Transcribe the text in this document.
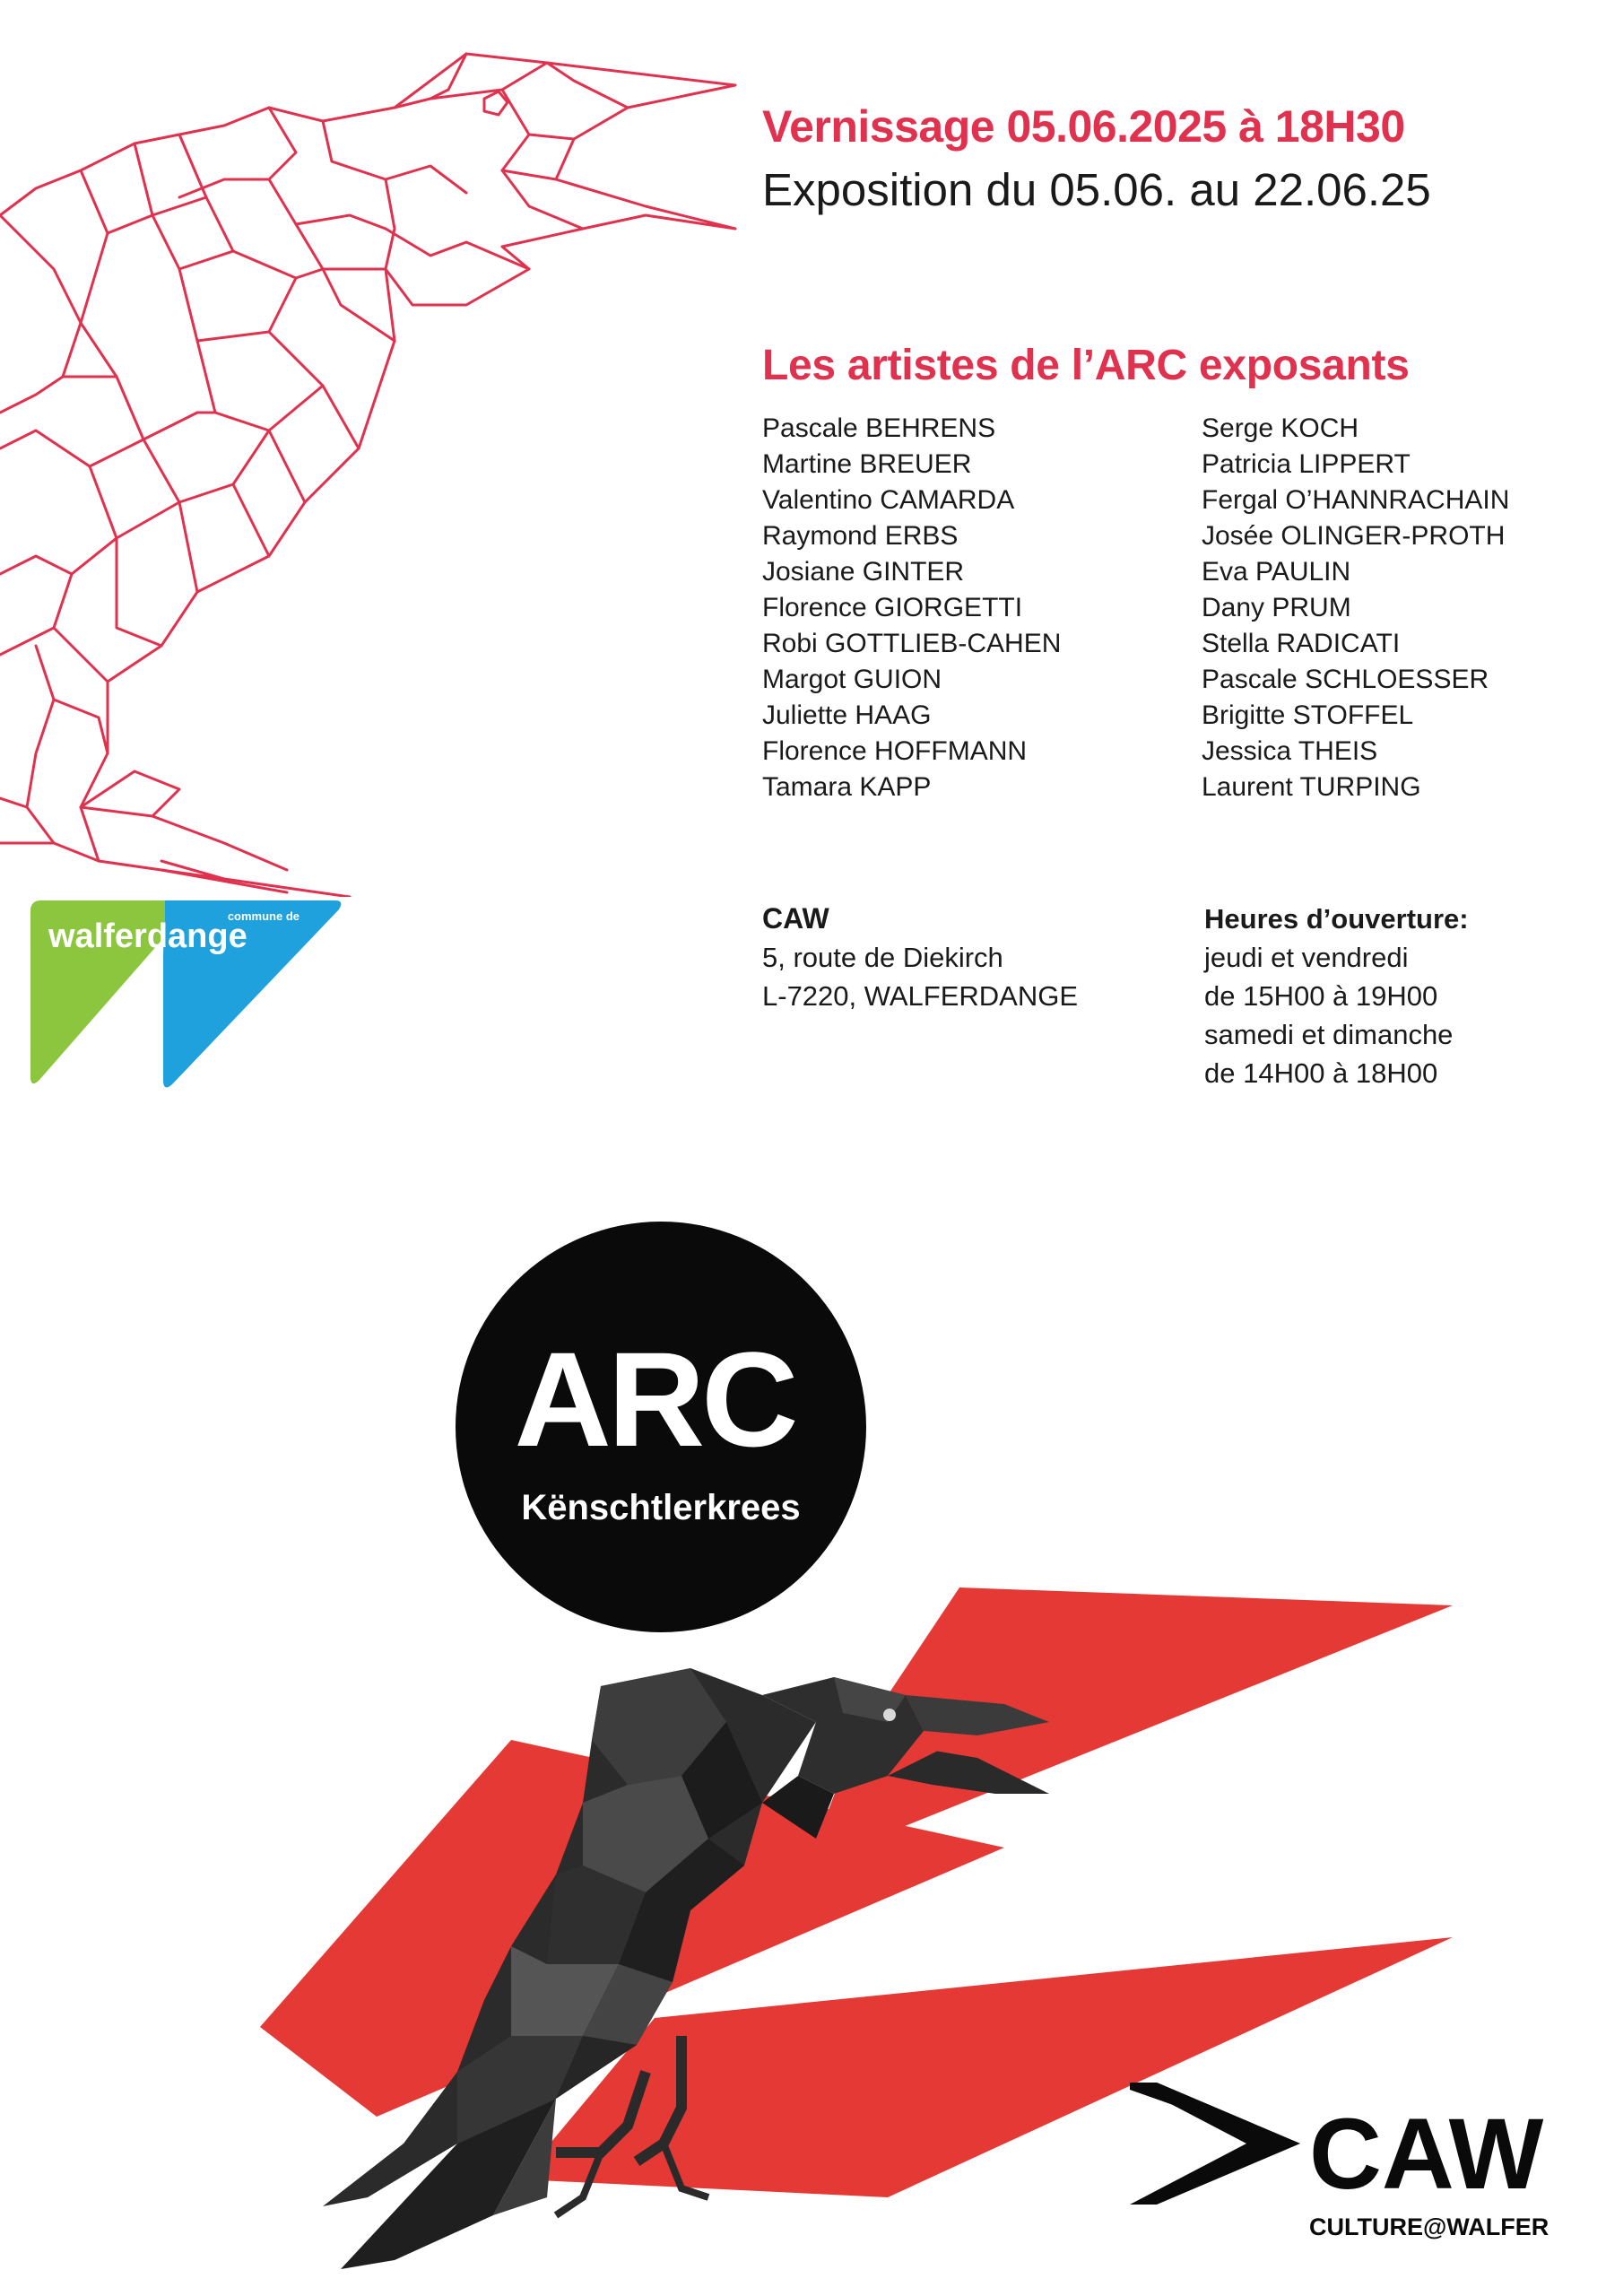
Vernissage 05.06.2025 à 18H30
Exposition du 05.06. au 22.06.25
Les artistes de l’ARC exposants
Pascale BEHRENS
Martine BREUER
Valentino CAMARDA
Raymond ERBS
Josiane GINTER
Florence GIORGETTI
Robi GOTTLIEB-CAHEN
Margot GUION
Juliette HAAG
Florence HOFFMANN
Tamara KAPP
Serge KOCH
Patricia LIPPERT
Fergal O’HANNRACHAIN
Josée OLINGER-PROTH
Eva PAULIN
Dany PRUM
Stella RADICATI
Pascale SCHLOESSER
Brigitte STOFFEL
Jessica THEIS
Laurent TURPING
CAW
5, route de Diekirch
L-7220, WALFERDANGE
Heures d’ouverture:
jeudi et vendredi
de 15H00 à 19H00
samedi et dimanche
de 14H00 à 18H00
commune de
walferdange
ARC
Kënschtlerkrees
CAW
CULTURE@WALFER
